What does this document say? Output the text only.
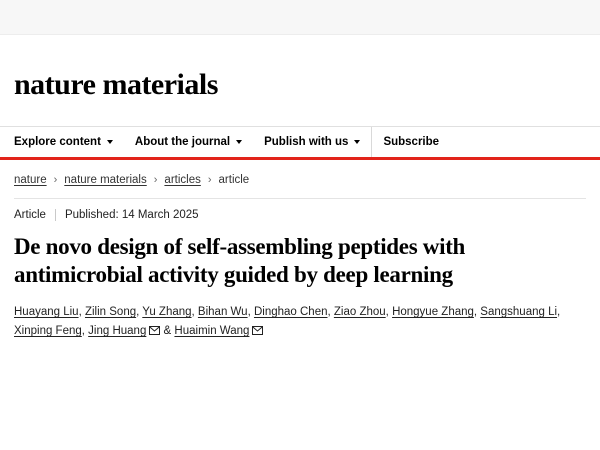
nature materials
Explore content	About the journal	Publish with us	Subscribe
nature › nature materials › articles › article
Article Published: 14 March 2025
De novo design of self-assembling peptides with antimicrobial activity guided by deep learning
Huayang Liu, Zilin Song, Yu Zhang, Bihan Wu, Dinghao Chen, Ziao Zhou, Hongyue Zhang, Sangshuang Li, Xinping Feng, Jing Huang
& Huaimin Wang
